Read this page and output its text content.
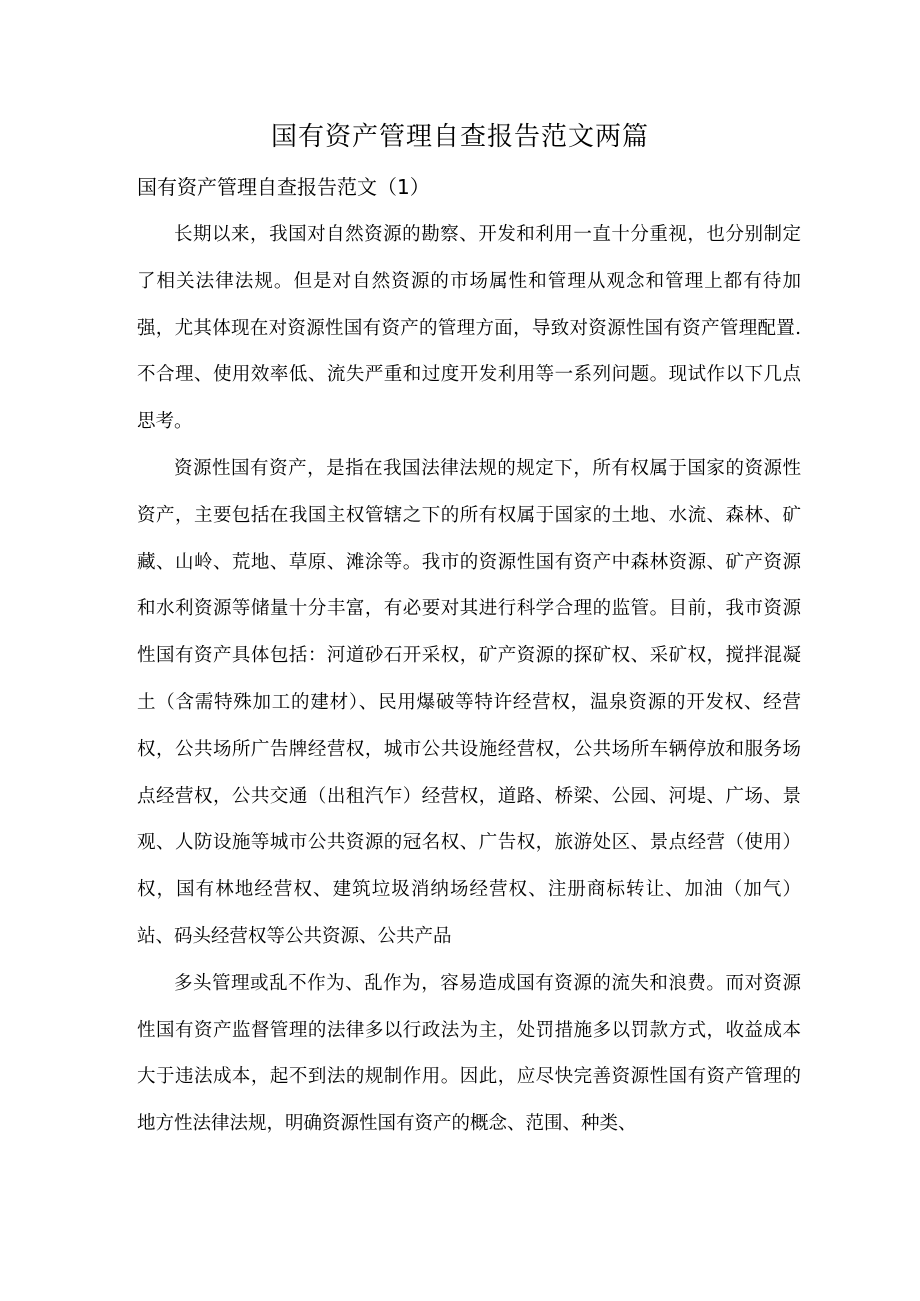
国有资产管理自查报告范文两篇
国有资产管理自查报告范文（1）

长期以来，我国对自然资源的勘察、开发和利用一直十分重视，也分别制定了相关法律法规。但是对自然资源的市场属性和管理从观念和管理上都有待加强，尤其体现在对资源性国有资产的管理方面，导致对资源性国有资产管理配置.不合理、使用效率低、流失严重和过度开发利用等一系列问题。现试作以下几点思考。

资源性国有资产，是指在我国法律法规的规定下，所有权属于国家的资源性资产，主要包括在我国主权管辖之下的所有权属于国家的土地、水流、森林、矿藏、山岭、荒地、草原、滩涂等。我市的资源性国有资产中森林资源、矿产资源和水利资源等储量十分丰富，有必要对其进行科学合理的监管。目前，我市资源性国有资产具体包括：河道砂石开采权，矿产资源的探矿权、采矿权，搅拌混凝土（含需特殊加工的建材）、民用爆破等特许经营权，温泉资源的开发权、经营权，公共场所广告牌经营权，城市公共设施经营权，公共场所车辆停放和服务场点经营权，公共交通（出租汽乍）经营权，道路、桥梁、公园、河堤、广场、景观、人防设施等城市公共资源的冠名权、广告权，旅游处区、景点经营（使用）权，国有林地经营权、建筑垃圾消纳场经营权、注册商标转让、加油（加气）站、码头经营权等公共资源、公共产品

多头管理或乱不作为、乱作为，容易造成国有资源的流失和浪费。而对资源性国有资产监督管理的法律多以行政法为主，处罚措施多以罚款方式，收益成本大于违法成本，起不到法的规制作用。因此，应尽快完善资源性国有资产管理的地方性法律法规，明确资源性国有资产的概念、范围、种类、
